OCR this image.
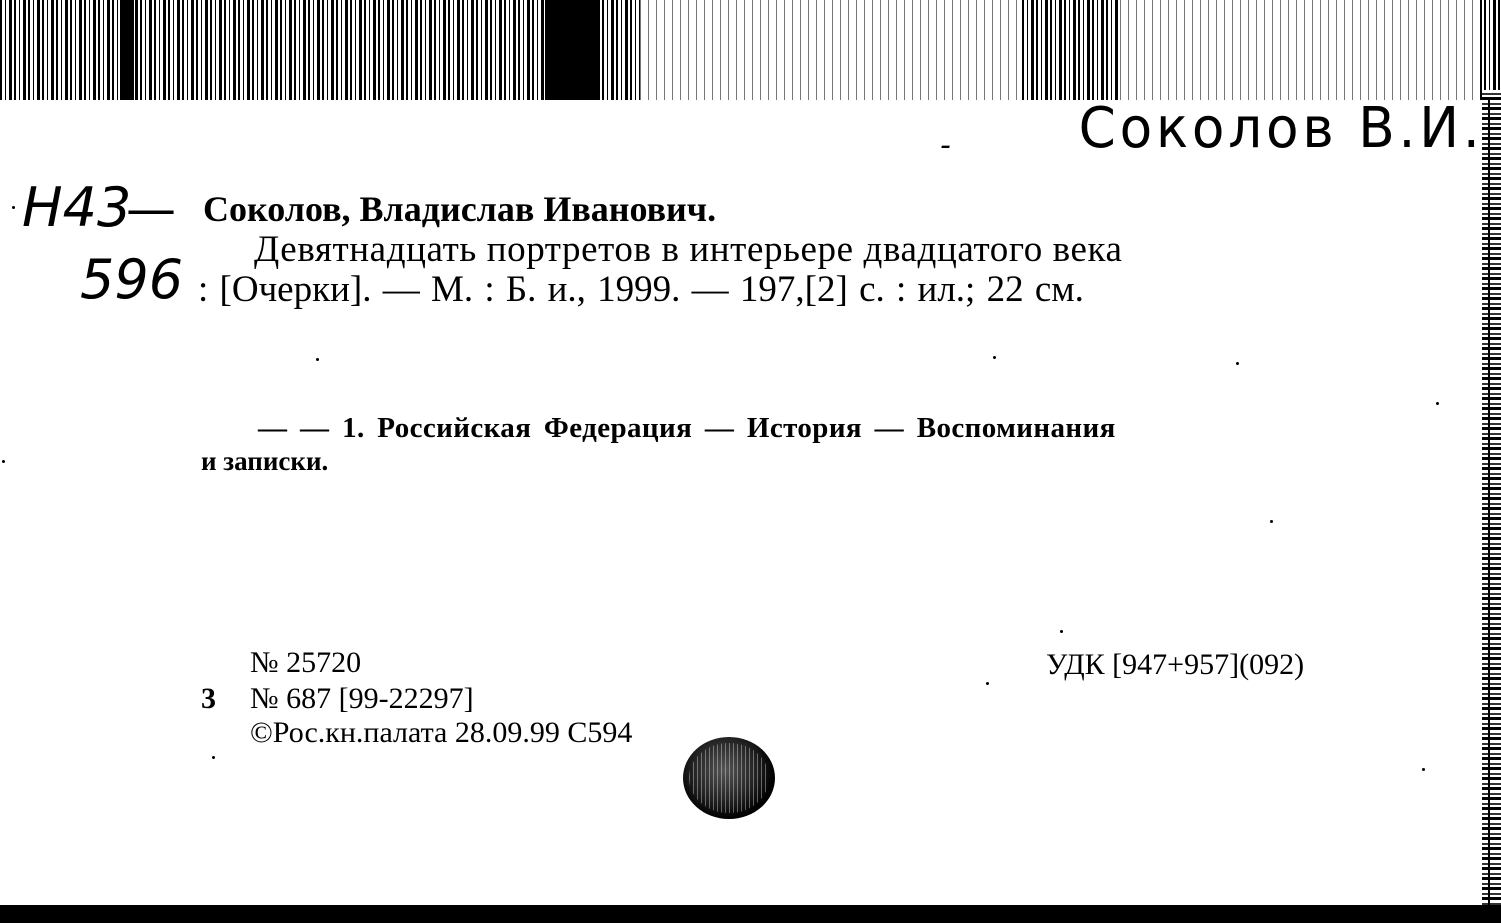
Соколов В.И.
-
Н43
—
596
Соколов, Владислав Иванович.
Девятнадцать портретов в интерьере двадцатого века
: [Очерки]. — М. : Б. и., 1999. — 197,[2] с. : ил.; 22 см.
— — 1. Российская Федерация — История — Воспоминания
и записки.
№ 25720	УДК [947+957](092)
3 № 687 [99-22297]
©Рос.кн.палата 28.09.99 С594
